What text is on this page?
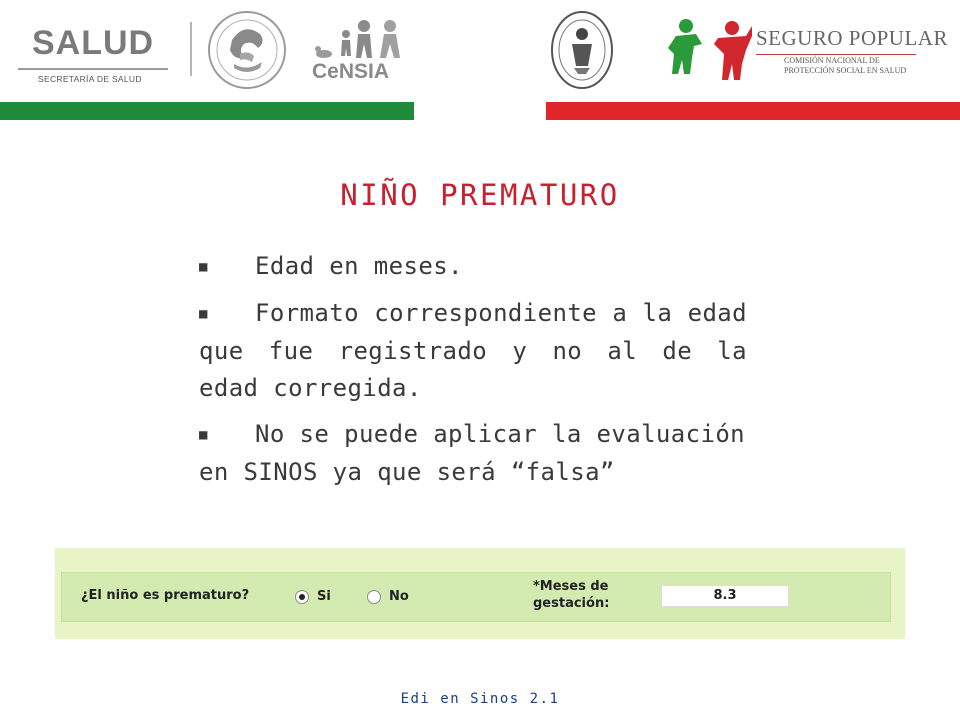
SALUD
SECRETARÍA DE SALUD	CeNSIA
SEGURO POPULAR
COMISIÓN NACIONAL DE
PROTECCIÓN SOCIAL EN SALUD
NIÑO PREMATURO
■ Edad en meses.
■ Formato correspondiente a la edad que fue registrado y no al de la edad corregida.
■ No se puede aplicar la evaluación en SINOS ya que será “falsa”
¿El niño es prematuro?	Si	No
*Meses de
gestación:
8.3
Edi en Sinos 2.1
